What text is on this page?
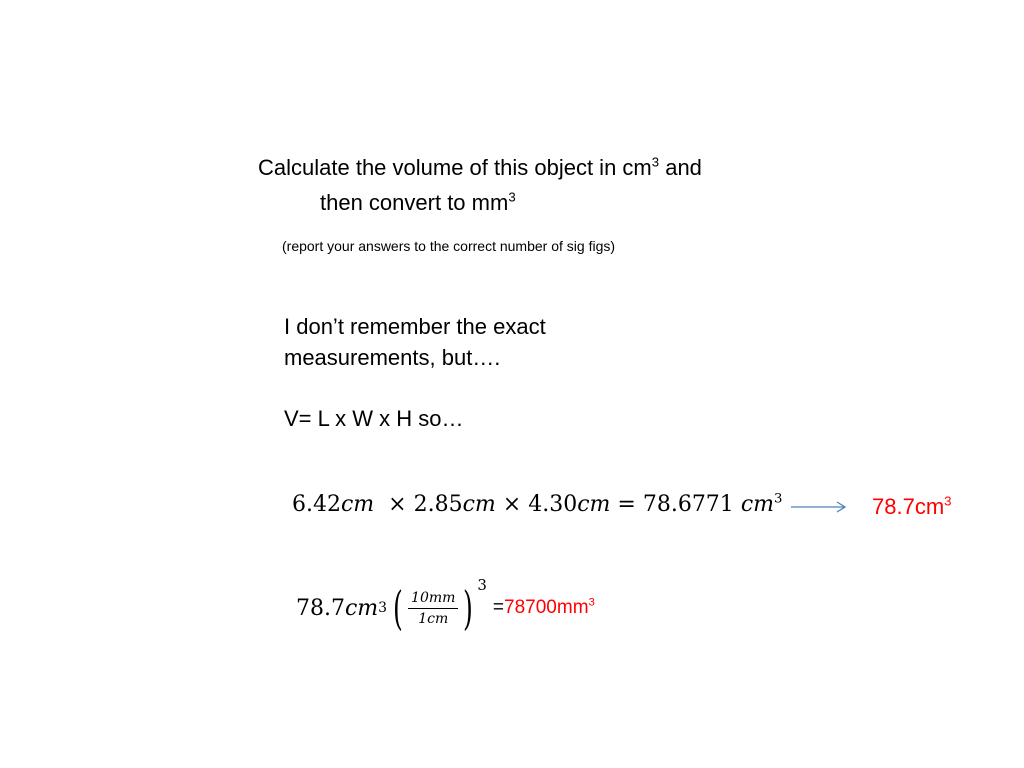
Calculate the volume of this object in $cm^3$ and
then convert to $mm^3$
(report your answers to the correct number of sig figs)
I don’t remember the exact
measurements, but….
V= L x W x H so…
6.42cm × 2.85cm × 4.30cm = 78.6771 $cm^3$	$78.7cm^3$
78.7 cm 3 ( $\frac{10mm}{1cm}$ ) 3
= $78700mm^3$
